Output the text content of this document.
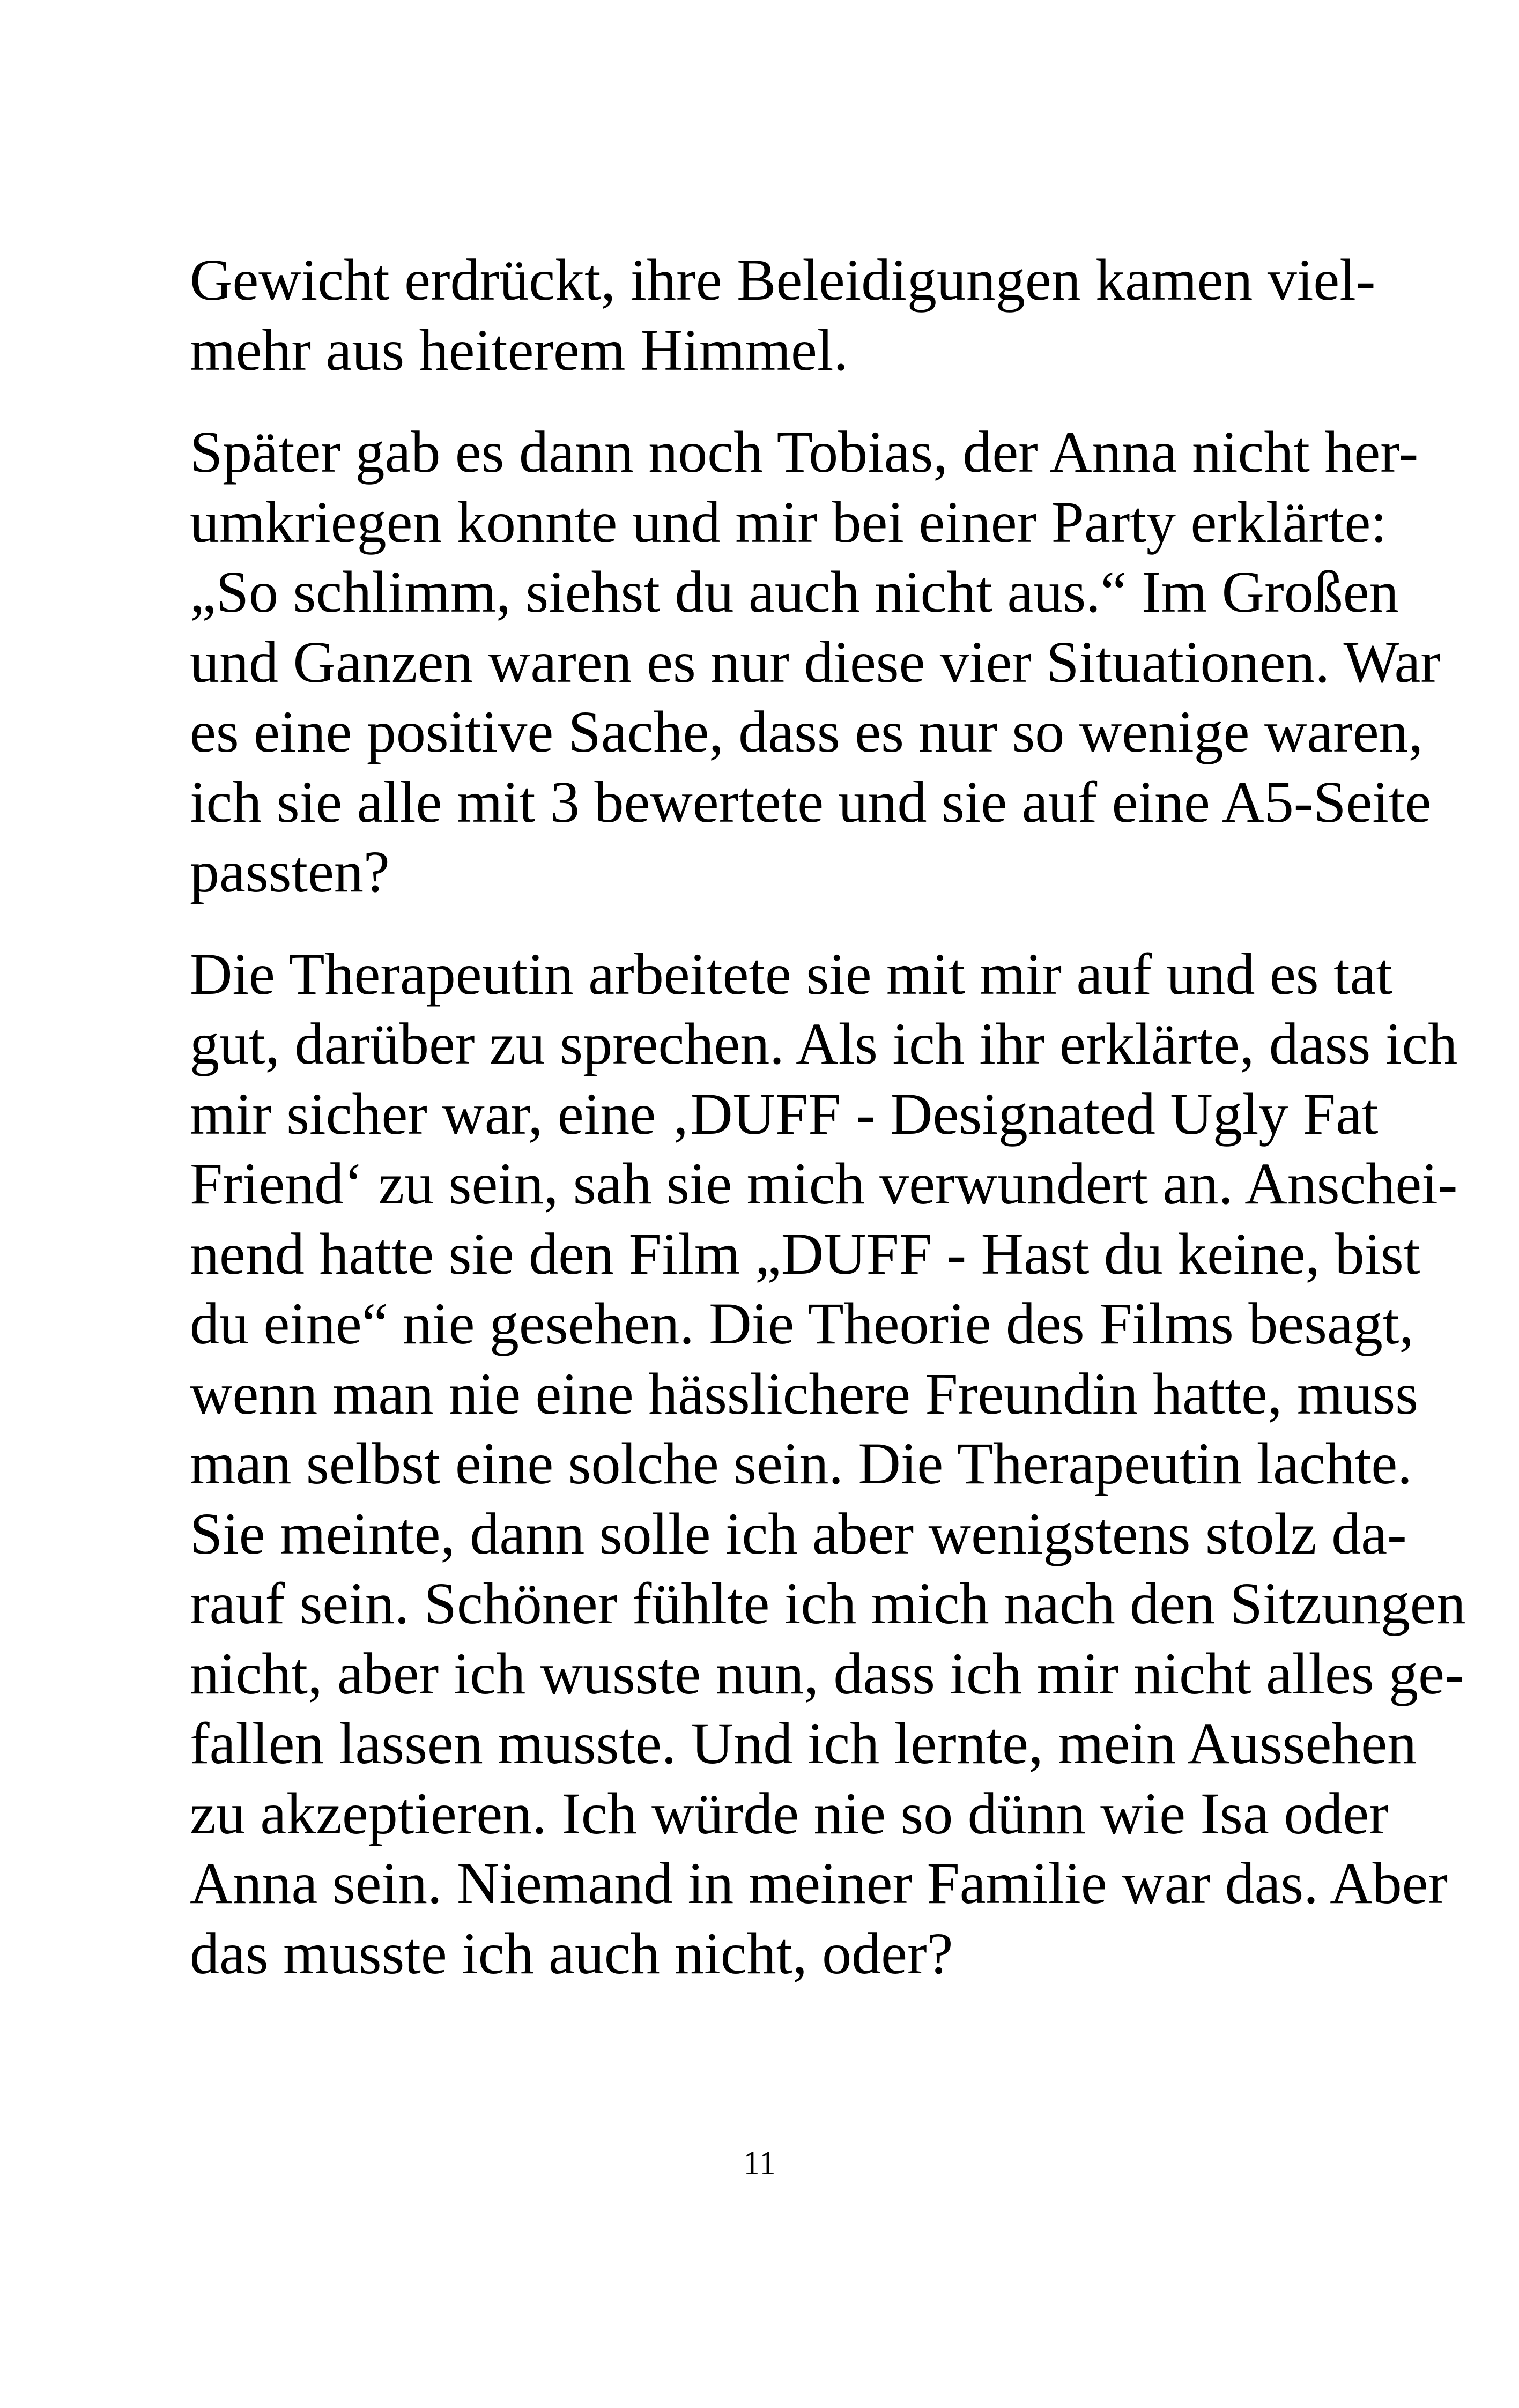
Gewicht erdrückt, ihre Beleidigungen kamen viel-
mehr aus heiterem Himmel.
Später gab es dann noch Tobias, der Anna nicht her-
umkriegen konnte und mir bei einer Party erklärte:
„So schlimm, siehst du auch nicht aus.“ Im Großen
und Ganzen waren es nur diese vier Situationen. War
es eine positive Sache, dass es nur so wenige waren,
ich sie alle mit 3 bewertete und sie auf eine A5-Seite
passten?
Die Therapeutin arbeitete sie mit mir auf und es tat
gut, darüber zu sprechen. Als ich ihr erklärte, dass ich
mir sicher war, eine ‚DUFF - Designated Ugly Fat
Friend‘ zu sein, sah sie mich verwundert an. Anschei-
nend hatte sie den Film „DUFF - Hast du keine, bist
du eine“ nie gesehen. Die Theorie des Films besagt,
wenn man nie eine hässlichere Freundin hatte, muss
man selbst eine solche sein. Die Therapeutin lachte.
Sie meinte, dann solle ich aber wenigstens stolz da-
rauf sein. Schöner fühlte ich mich nach den Sitzungen
nicht, aber ich wusste nun, dass ich mir nicht alles ge-
fallen lassen musste. Und ich lernte, mein Aussehen
zu akzeptieren. Ich würde nie so dünn wie Isa oder
Anna sein. Niemand in meiner Familie war das. Aber
das musste ich auch nicht, oder?
11
